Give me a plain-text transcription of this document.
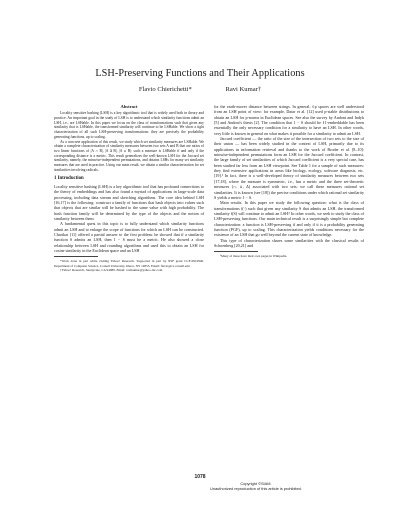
LSH-Preserving Functions and Their Applications
Flavio Chierichetti*	Ravi Kumar†
Abstract

Locality sensitive hashing (LSH) is a key algorithmic tool that is widely used both in theory and practice. An important goal in the study of LSH is to understand which similarity functions admit an LSH, i.e., are LSHable. In this paper we focus on the class of transformations such that given any similarity that is LSHable, the transformed similarity will continue to be LSHable. We show a tight characterization of all such LSH-preserving transformations: they are precisely the probability generating functions, up to scaling.

As a concrete application of this result, we study which set similarity measures are LSHable. We obtain a complete characterization of similarity measures between two sets A and B that are ratios of two linear functions of |A ∩ B|, |A Δ B|, |A ∪ B|: such a measure is LSHable if and only if the corresponding distance is a metric. This result generalizes the well-known LSH for the Jaccard set similarity, namely, the minwise-independent permutations, and obtains LSHs for many set similarity measures that are used in practice. Using our main result, we obtain a similar characterization for set similarities involving radicals.

1 Introduction

Locality sensitive hashing (LSH) is a key algorithmic tool that has profound connections to the theory of embeddings and has also found a myriad of applications in large-scale data processing, including data stream and sketching algorithms. The core idea behind LSH [16,17] is the following: construct a family of functions that hash objects into values such that objects that are similar will be hashed to the same value with high probability. The hash function family will be determined by the type of the objects and the notion of similarity between them.

A fundamental quest in this topic is to fully understand which similarity functions admit an LSH and to enlarge the scope of functions for which an LSH can be constructed. Charikar [11] offered a partial answer to the first problem: he showed that if a similarity function S admits an LSH, then 1 − S must be a metric. He also showed a close relationship between LSH and rounding algorithms and used this to obtain an LSH for cosine similarity in the Euclidean space and an LSH

*Work done in part while visiting Yahoo! Research. Supported in part by NSF grant CCF-0910940. Department of Computer Science, Cornell University, Ithaca, NY 14853. Email: flavio@cs.cornell.edu

†Yahoo! Research, Sunnyvale, CA 94089. Email: ravikumar@yahoo-inc.com

for the earth-mover distance between strings. In general, ℓp spaces are well understood from an LSH point of view: for example, Datar et al. [12] used p-stable distributions to obtain an LSH for p-norms in Euclidean spaces. See also the survey by Andoni and Indyk [5] and Andoni's thesis [2]. The condition that 1 − S should be ℓ1-embeddable has been essentially the only necessary condition for a similarity to have an LSH. In other words, very little is known in general on what makes it possible for a similarity to admit an LSH.

Jaccard coefficient — the ratio of the size of the intersection of two sets to the size of their union — has been widely studied in the context of LSH, primarily due to its applications in information retrieval and thanks to the work of Broder et al. [8–10]: minwise-independent permutations form an LSH for the Jaccard coefficient. In contrast, the large family of set similarities of which Jaccard coefficient is a very special case, has been studied far less from an LSH viewpoint. See Table 1 for a sample of such measures: they find extensive applications in areas like biology, ecology, software diagnosis, etc. [19].¹ In fact, there is a well-developed theory of similarity measures between two sets [17,18], where the measure is symmetric, i.e., has a metric and the three set-theoretic measures (∩, ∪, Δ) associated with two sets: we call these measures rational set similarities. It is known (see [18]) the precise conditions under which rational set similarity S yields a metric 1 − S.

Main results. In this paper we study the following question: what is the class of transformations f(·) such that given any similarity S that admits an LSH, the transformed similarity f(S) will continue to admit an LSH? In other words, we seek to study the class of LSH-preserving functions. Our main technical result is a surprisingly simple but complete characterization: a function is LSH-preserving if and only if it is a probability generating function (PGF), up to scaling. This characterization yields conditions necessary for the existence of an LSH that go well beyond the current state of knowledge.

This type of characterization shares some similarities with the classical results of Schoenberg [20,21] and

¹Many of these have their own pages in Wikipedia.

1078
Copyright ©SIAM.
Unauthorized reproduction of this article is prohibited.
